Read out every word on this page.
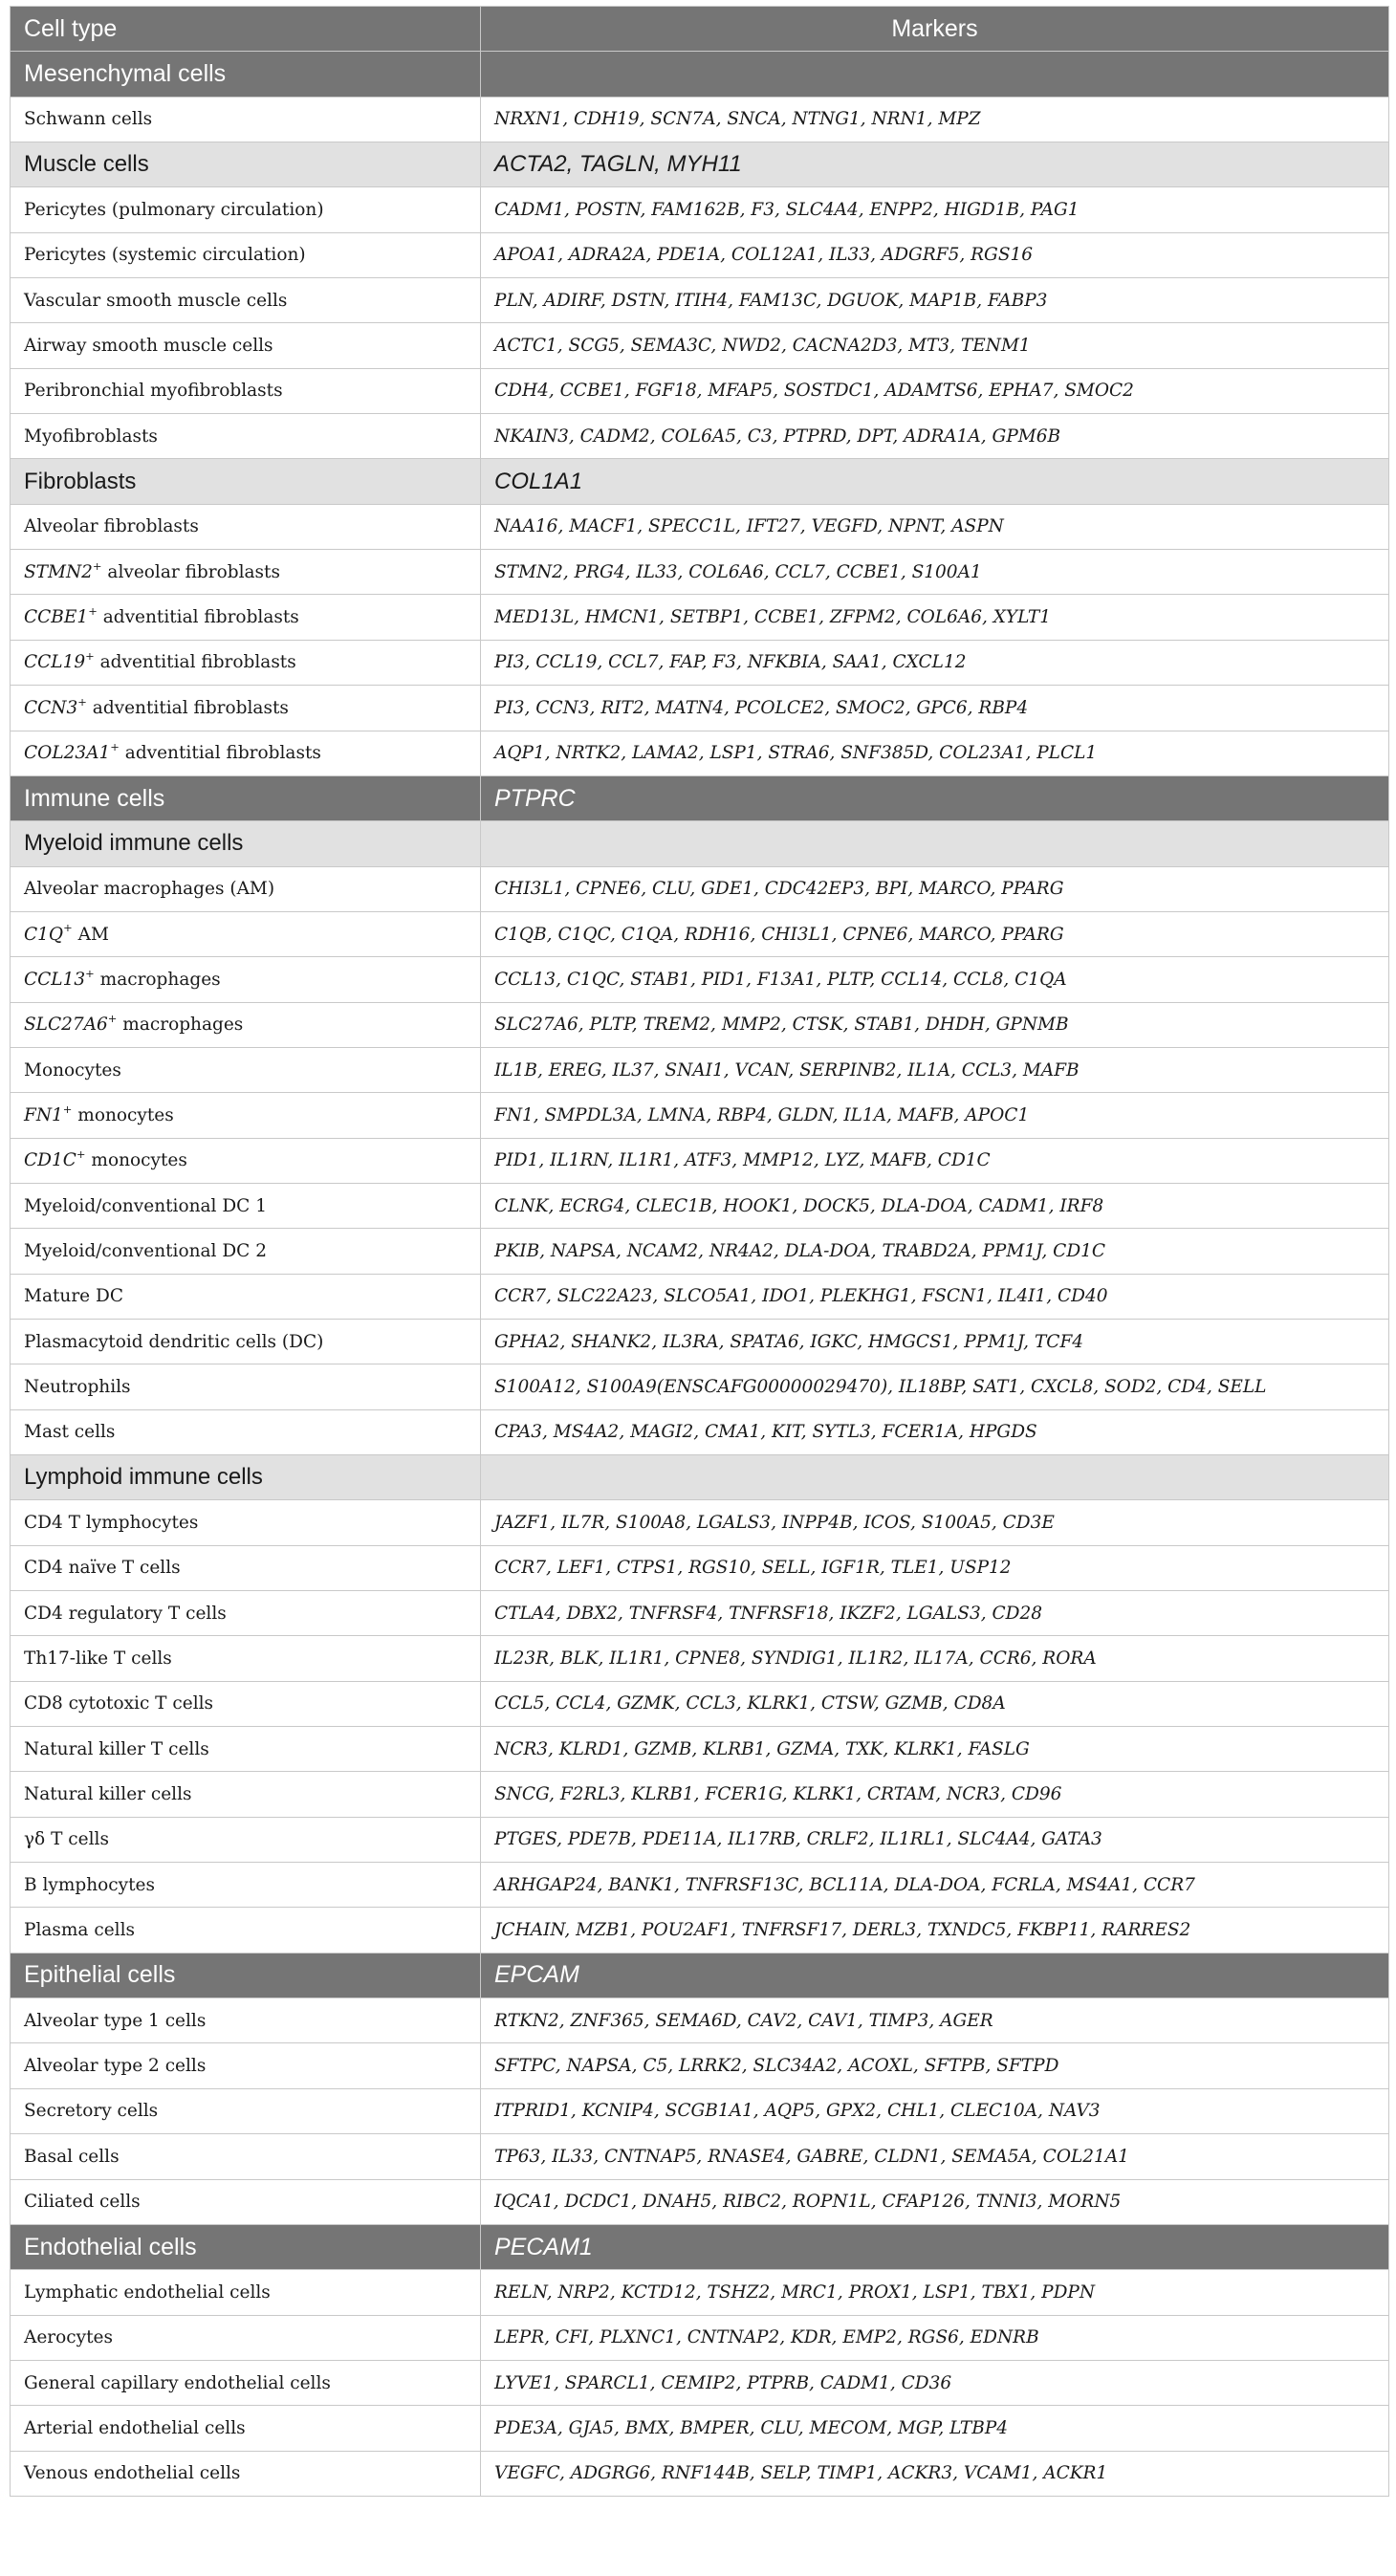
Cell type	Markers
Mesenchymal cells	
Schwann cells	NRXN1, CDH19, SCN7A, SNCA, NTNG1, NRN1, MPZ
Muscle cells	ACTA2, TAGLN, MYH11
Pericytes (pulmonary circulation)	CADM1, POSTN, FAM162B, F3, SLC4A4, ENPP2, HIGD1B, PAG1
Pericytes (systemic circulation)	APOA1, ADRA2A, PDE1A, COL12A1, IL33, ADGRF5, RGS16
Vascular smooth muscle cells	PLN, ADIRF, DSTN, ITIH4, FAM13C, DGUOK, MAP1B, FABP3
Airway smooth muscle cells	ACTC1, SCG5, SEMA3C, NWD2, CACNA2D3, MT3, TENM1
Peribronchial myofibroblasts	CDH4, CCBE1, FGF18, MFAP5, SOSTDC1, ADAMTS6, EPHA7, SMOC2
Myofibroblasts	NKAIN3, CADM2, COL6A5, C3, PTPRD, DPT, ADRA1A, GPM6B
Fibroblasts	COL1A1
Alveolar fibroblasts	NAA16, MACF1, SPECC1L, IFT27, VEGFD, NPNT, ASPN
STMN2+ alveolar fibroblasts	STMN2, PRG4, IL33, COL6A6, CCL7, CCBE1, S100A1
CCBE1+ adventitial fibroblasts	MED13L, HMCN1, SETBP1, CCBE1, ZFPM2, COL6A6, XYLT1
CCL19+ adventitial fibroblasts	PI3, CCL19, CCL7, FAP, F3, NFKBIA, SAA1, CXCL12
CCN3+ adventitial fibroblasts	PI3, CCN3, RIT2, MATN4, PCOLCE2, SMOC2, GPC6, RBP4
COL23A1+ adventitial fibroblasts	AQP1, NRTK2, LAMA2, LSP1, STRA6, SNF385D, COL23A1, PLCL1
Immune cells	PTPRC
Myeloid immune cells	
Alveolar macrophages (AM)	CHI3L1, CPNE6, CLU, GDE1, CDC42EP3, BPI, MARCO, PPARG
C1Q+ AM	C1QB, C1QC, C1QA, RDH16, CHI3L1, CPNE6, MARCO, PPARG
CCL13+ macrophages	CCL13, C1QC, STAB1, PID1, F13A1, PLTP, CCL14, CCL8, C1QA
SLC27A6+ macrophages	SLC27A6, PLTP, TREM2, MMP2, CTSK, STAB1, DHDH, GPNMB
Monocytes	IL1B, EREG, IL37, SNAI1, VCAN, SERPINB2, IL1A, CCL3, MAFB
FN1+ monocytes	FN1, SMPDL3A, LMNA, RBP4, GLDN, IL1A, MAFB, APOC1
CD1C+ monocytes	PID1, IL1RN, IL1R1, ATF3, MMP12, LYZ, MAFB, CD1C
Myeloid/conventional DC 1	CLNK, ECRG4, CLEC1B, HOOK1, DOCK5, DLA-DOA, CADM1, IRF8
Myeloid/conventional DC 2	PKIB, NAPSA, NCAM2, NR4A2, DLA-DOA, TRABD2A, PPM1J, CD1C
Mature DC	CCR7, SLC22A23, SLCO5A1, IDO1, PLEKHG1, FSCN1, IL4I1, CD40
Plasmacytoid dendritic cells (DC)	GPHA2, SHANK2, IL3RA, SPATA6, IGKC, HMGCS1, PPM1J, TCF4
Neutrophils	S100A12, S100A9(ENSCAFG00000029470), IL18BP, SAT1, CXCL8, SOD2, CD4, SELL
Mast cells	CPA3, MS4A2, MAGI2, CMA1, KIT, SYTL3, FCER1A, HPGDS
Lymphoid immune cells	
CD4 T lymphocytes	JAZF1, IL7R, S100A8, LGALS3, INPP4B, ICOS, S100A5, CD3E
CD4 naïve T cells	CCR7, LEF1, CTPS1, RGS10, SELL, IGF1R, TLE1, USP12
CD4 regulatory T cells	CTLA4, DBX2, TNFRSF4, TNFRSF18, IKZF2, LGALS3, CD28
Th17-like T cells	IL23R, BLK, IL1R1, CPNE8, SYNDIG1, IL1R2, IL17A, CCR6, RORA
CD8 cytotoxic T cells	CCL5, CCL4, GZMK, CCL3, KLRK1, CTSW, GZMB, CD8A
Natural killer T cells	NCR3, KLRD1, GZMB, KLRB1, GZMA, TXK, KLRK1, FASLG
Natural killer cells	SNCG, F2RL3, KLRB1, FCER1G, KLRK1, CRTAM, NCR3, CD96
γδ T cells	PTGES, PDE7B, PDE11A, IL17RB, CRLF2, IL1RL1, SLC4A4, GATA3
B lymphocytes	ARHGAP24, BANK1, TNFRSF13C, BCL11A, DLA-DOA, FCRLA, MS4A1, CCR7
Plasma cells	JCHAIN, MZB1, POU2AF1, TNFRSF17, DERL3, TXNDC5, FKBP11, RARRES2
Epithelial cells	EPCAM
Alveolar type 1 cells	RTKN2, ZNF365, SEMA6D, CAV2, CAV1, TIMP3, AGER
Alveolar type 2 cells	SFTPC, NAPSA, C5, LRRK2, SLC34A2, ACOXL, SFTPB, SFTPD
Secretory cells	ITPRID1, KCNIP4, SCGB1A1, AQP5, GPX2, CHL1, CLEC10A, NAV3
Basal cells	TP63, IL33, CNTNAP5, RNASE4, GABRE, CLDN1, SEMA5A, COL21A1
Ciliated cells	IQCA1, DCDC1, DNAH5, RIBC2, ROPN1L, CFAP126, TNNI3, MORN5
Endothelial cells	PECAM1
Lymphatic endothelial cells	RELN, NRP2, KCTD12, TSHZ2, MRC1, PROX1, LSP1, TBX1, PDPN
Aerocytes	LEPR, CFI, PLXNC1, CNTNAP2, KDR, EMP2, RGS6, EDNRB
General capillary endothelial cells	LYVE1, SPARCL1, CEMIP2, PTPRB, CADM1, CD36
Arterial endothelial cells	PDE3A, GJA5, BMX, BMPER, CLU, MECOM, MGP, LTBP4
Venous endothelial cells	VEGFC, ADGRG6, RNF144B, SELP, TIMP1, ACKR3, VCAM1, ACKR1
